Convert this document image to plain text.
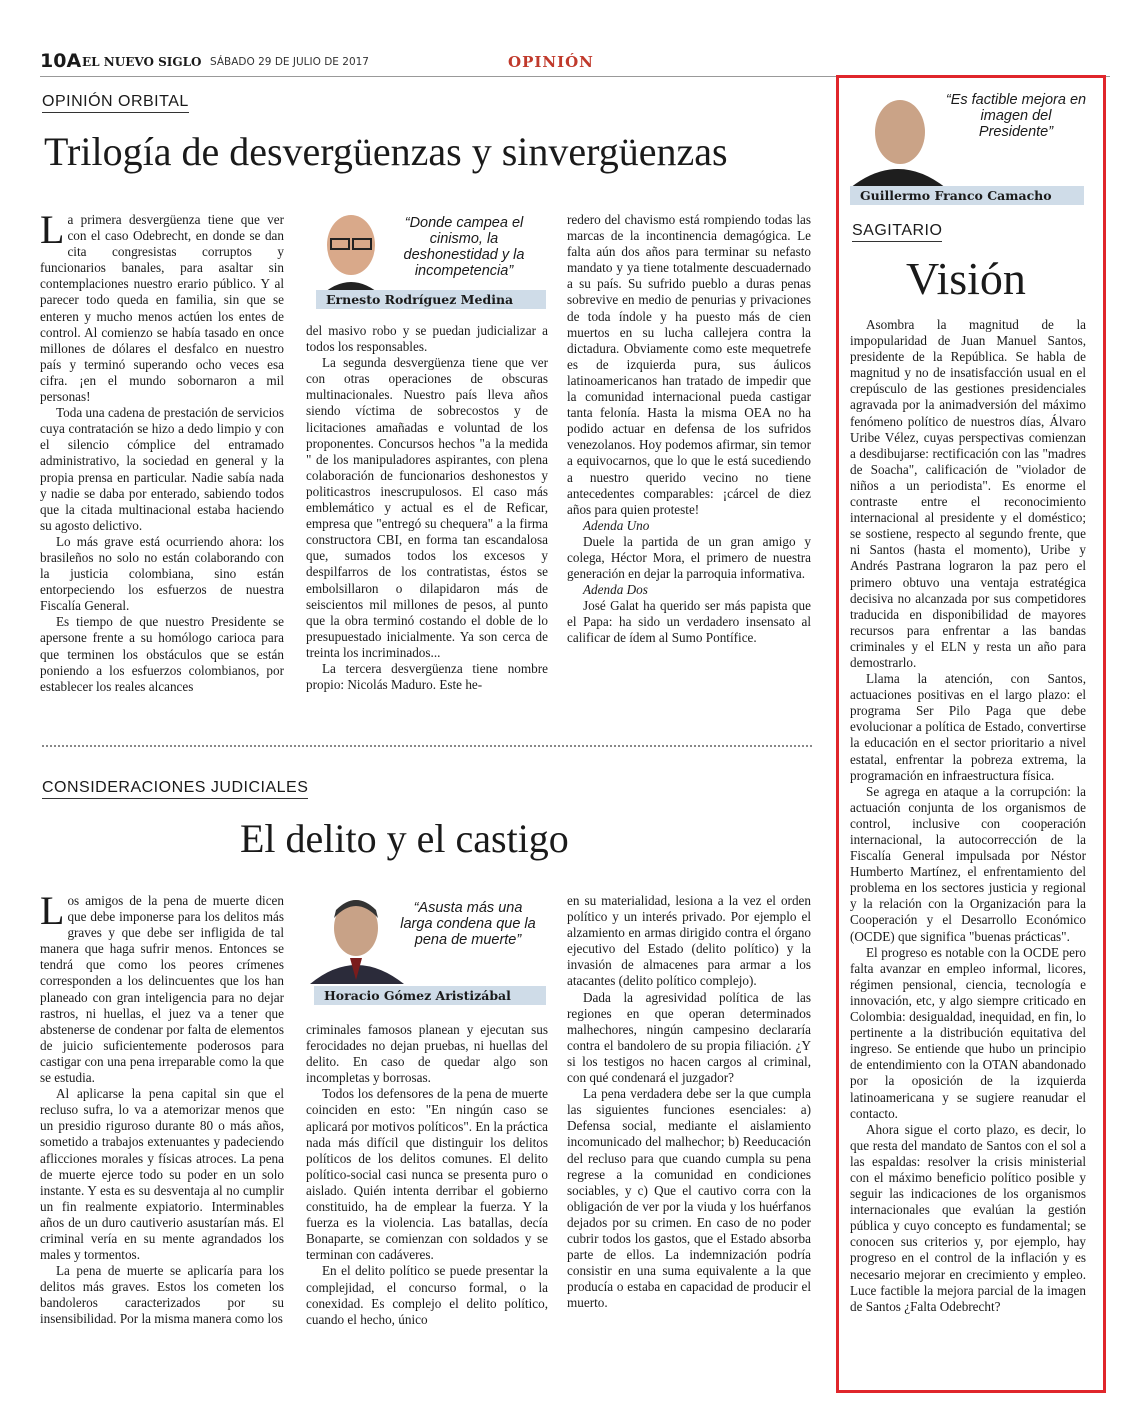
10A EL NUEVO SIGLO SÁBADO 29 DE JULIO DE 2017	OPINIÓN
OPINIÓN ORBITAL
Trilogía de desvergüenzas y sinvergüenzas

La primera desvergüenza tiene que ver con el caso Odebrecht, en donde se dan cita congresistas corruptos y funcionarios banales, para asaltar sin contemplaciones nuestro erario público. Y al parecer todo queda en familia, sin que se enteren y mucho menos actúen los entes de control. Al comienzo se había tasado en once millones de dólares el desfalco en nuestro país y terminó superando ocho veces esa cifra. ¡en el mundo sobornaron a mil personas!

Toda una cadena de prestación de servicios cuya contratación se hizo a dedo limpio y con el silencio cómplice del entramado administrativo, la sociedad en general y la propia prensa en particular. Nadie sabía nada y nadie se daba por enterado, sabiendo todos que la citada multinacional estaba haciendo su agosto delictivo.

Lo más grave está ocurriendo ahora: los brasileños no solo no están colaborando con la justicia colombiana, sino están entorpeciendo los esfuerzos de nuestra Fiscalía General.

Es tiempo de que nuestro Presidente se apersone frente a su homólogo carioca para que terminen los obstáculos que se están poniendo a los esfuerzos colombianos, por establecer los reales alcances

“Donde campea el cinismo, la deshonestidad y la incompetencia”
Ernesto Rodríguez Medina

del masivo robo y se puedan judicializar a todos los responsables.

La segunda desvergüenza tiene que ver con otras operaciones de obscuras multinacionales. Nuestro país lleva años siendo víctima de sobrecostos y de licitaciones amañadas e voluntad de los proponentes. Concursos hechos "a la medida " de los manipuladores aspirantes, con plena colaboración de funcionarios deshonestos y politicastros inescrupulosos. El caso más emblemático y actual es el de Reficar, empresa que "entregó su chequera" a la firma constructora CBI, en forma tan escandalosa que, sumados todos los excesos y despilfarros de los contratistas, éstos se embolsillaron o dilapidaron más de seiscientos mil millones de pesos, al punto que la obra terminó costando el doble de lo presupuestado inicialmente. Ya son cerca de treinta los incriminados...

La tercera desvergüenza tiene nombre propio: Nicolás Maduro. Este he-

redero del chavismo está rompiendo todas las marcas de la incontinencia demagógica. Le falta aún dos años para terminar su nefasto mandato y ya tiene totalmente descuadernado a su país. Su sufrido pueblo a duras penas sobrevive en medio de penurias y privaciones de toda índole y ha puesto más de cien muertos en su lucha callejera contra la dictadura. Obviamente como este mequetrefe es de izquierda pura, sus áulicos latinoamericanos han tratado de impedir que la comunidad internacional pueda castigar tanta felonía. Hasta la misma OEA no ha podido actuar en defensa de los sufridos venezolanos. Hoy podemos afirmar, sin temor a equivocarnos, que lo que le está sucediendo a nuestro querido vecino no tiene antecedentes comparables: ¡cárcel de diez años para quien proteste!

Adenda Uno

Duele la partida de un gran amigo y colega, Héctor Mora, el primero de nuestra generación en dejar la parroquia informativa.

Adenda Dos

José Galat ha querido ser más papista que el Papa: ha sido un verdadero insensato al calificar de ídem al Sumo Pontífice.

CONSIDERACIONES JUDICIALES
El delito y el castigo

Los amigos de la pena de muerte dicen que debe imponerse para los delitos más graves y que debe ser infligida de tal manera que haga sufrir menos. Entonces se tendrá que como los peores crímenes corresponden a los delincuentes que los han planeado con gran inteligencia para no dejar rastros, ni huellas, el juez va a tener que abstenerse de condenar por falta de elementos de juicio suficientemente poderosos para castigar con una pena irreparable como la que se estudia.

Al aplicarse la pena capital sin que el recluso sufra, lo va a atemorizar menos que un presidio riguroso durante 80 o más años, sometido a trabajos extenuantes y padeciendo aflicciones morales y físicas atroces. La pena de muerte ejerce todo su poder en un solo instante. Y esta es su desventaja al no cumplir un fin realmente expiatorio. Interminables años de un duro cautiverio asustarían más. El criminal vería en su mente agrandados los males y tormentos.

La pena de muerte se aplicaría para los delitos más graves. Estos los cometen los bandoleros caracterizados por su insensibilidad. Por la misma manera como los

“Asusta más una larga condena que la pena de muerte”
Horacio Gómez Aristizábal

criminales famosos planean y ejecutan sus ferocidades no dejan pruebas, ni huellas del delito. En caso de quedar algo son incompletas y borrosas.

Todos los defensores de la pena de muerte coinciden en esto: "En ningún caso se aplicará por motivos políticos". En la práctica nada más difícil que distinguir los delitos políticos de los delitos comunes. El delito político-social casi nunca se presenta puro o aislado. Quién intenta derribar el gobierno constituido, ha de emplear la fuerza. Y la fuerza es la violencia. Las batallas, decía Bonaparte, se comienzan con soldados y se terminan con cadáveres.

En el delito político se puede presentar la complejidad, el concurso formal, o la conexidad. Es complejo el delito político, cuando el hecho, único

en su materialidad, lesiona a la vez el orden político y un interés privado. Por ejemplo el alzamiento en armas dirigido contra el órgano ejecutivo del Estado (delito político) y la invasión de almacenes para armar a los atacantes (delito político complejo).

Dada la agresividad política de las regiones en que operan determinados malhechores, ningún campesino declararía contra el bandolero de su propia filiación. ¿Y si los testigos no hacen cargos al criminal, con qué condenará el juzgador?

La pena verdadera debe ser la que cumpla las siguientes funciones esenciales: a) Defensa social, mediante el aislamiento incomunicado del malhechor; b) Reeducación del recluso para que cuando cumpla su pena regrese a la comunidad en condiciones sociables, y c) Que el cautivo corra con la obligación de ver por la viuda y los huérfanos dejados por su crimen. En caso de no poder cubrir todos los gastos, que el Estado absorba parte de ellos. La indemnización podría consistir en una suma equivalente a la que producía o estaba en capacidad de producir el muerto.

“Es factible mejora en imagen del Presidente”
Guillermo Franco Camacho
SAGITARIO
Visión

Asombra la magnitud de la impopularidad de Juan Manuel Santos, presidente de la República. Se habla de magnitud y no de insatisfacción usual en el crepúsculo de las gestiones presidenciales agravada por la animadversión del máximo fenómeno político de nuestros días, Álvaro Uribe Vélez, cuyas perspectivas comienzan a desdibujarse: rectificación con las "madres de Soacha", calificación de "violador de niños a un periodista". Es enorme el contraste entre el reconocimiento internacional al presidente y el doméstico; se sostiene, respecto al segundo frente, que ni Santos (hasta el momento), Uribe y Andrés Pastrana lograron la paz pero el primero obtuvo una ventaja estratégica decisiva no alcanzada por sus competidores traducida en disponibilidad de mayores recursos para enfrentar a las bandas criminales y el ELN y resta un año para demostrarlo.

Llama la atención, con Santos, actuaciones positivas en el largo plazo: el programa Ser Pilo Paga que debe evolucionar a política de Estado, convertirse la educación en el sector prioritario a nivel estatal, enfrentar la pobreza extrema, la programación en infraestructura física.

Se agrega en ataque a la corrupción: la actuación conjunta de los organismos de control, inclusive con cooperación internacional, la autocorrección de la Fiscalía General impulsada por Néstor Humberto Martínez, el enfrentamiento del problema en los sectores justicia y regional y la relación con la Organización para la Cooperación y el Desarrollo Económico (OCDE) que significa "buenas prácticas".

El progreso es notable con la OCDE pero falta avanzar en empleo informal, licores, régimen pensional, ciencia, tecnología e innovación, etc, y algo siempre criticado en Colombia: desigualdad, inequidad, en fin, lo pertinente a la distribución equitativa del ingreso. Se entiende que hubo un principio de entendimiento con la OTAN abandonado por la oposición de la izquierda latinoamericana y se sugiere reanudar el contacto.

Ahora sigue el corto plazo, es decir, lo que resta del mandato de Santos con el sol a las espaldas: resolver la crisis ministerial con el máximo beneficio político posible y seguir las indicaciones de los organismos internacionales que evalúan la gestión pública y cuyo concepto es fundamental; se conocen sus criterios y, por ejemplo, hay progreso en el control de la inflación y es necesario mejorar en crecimiento y empleo. Luce factible la mejora parcial de la imagen de Santos ¿Falta Odebrecht?
